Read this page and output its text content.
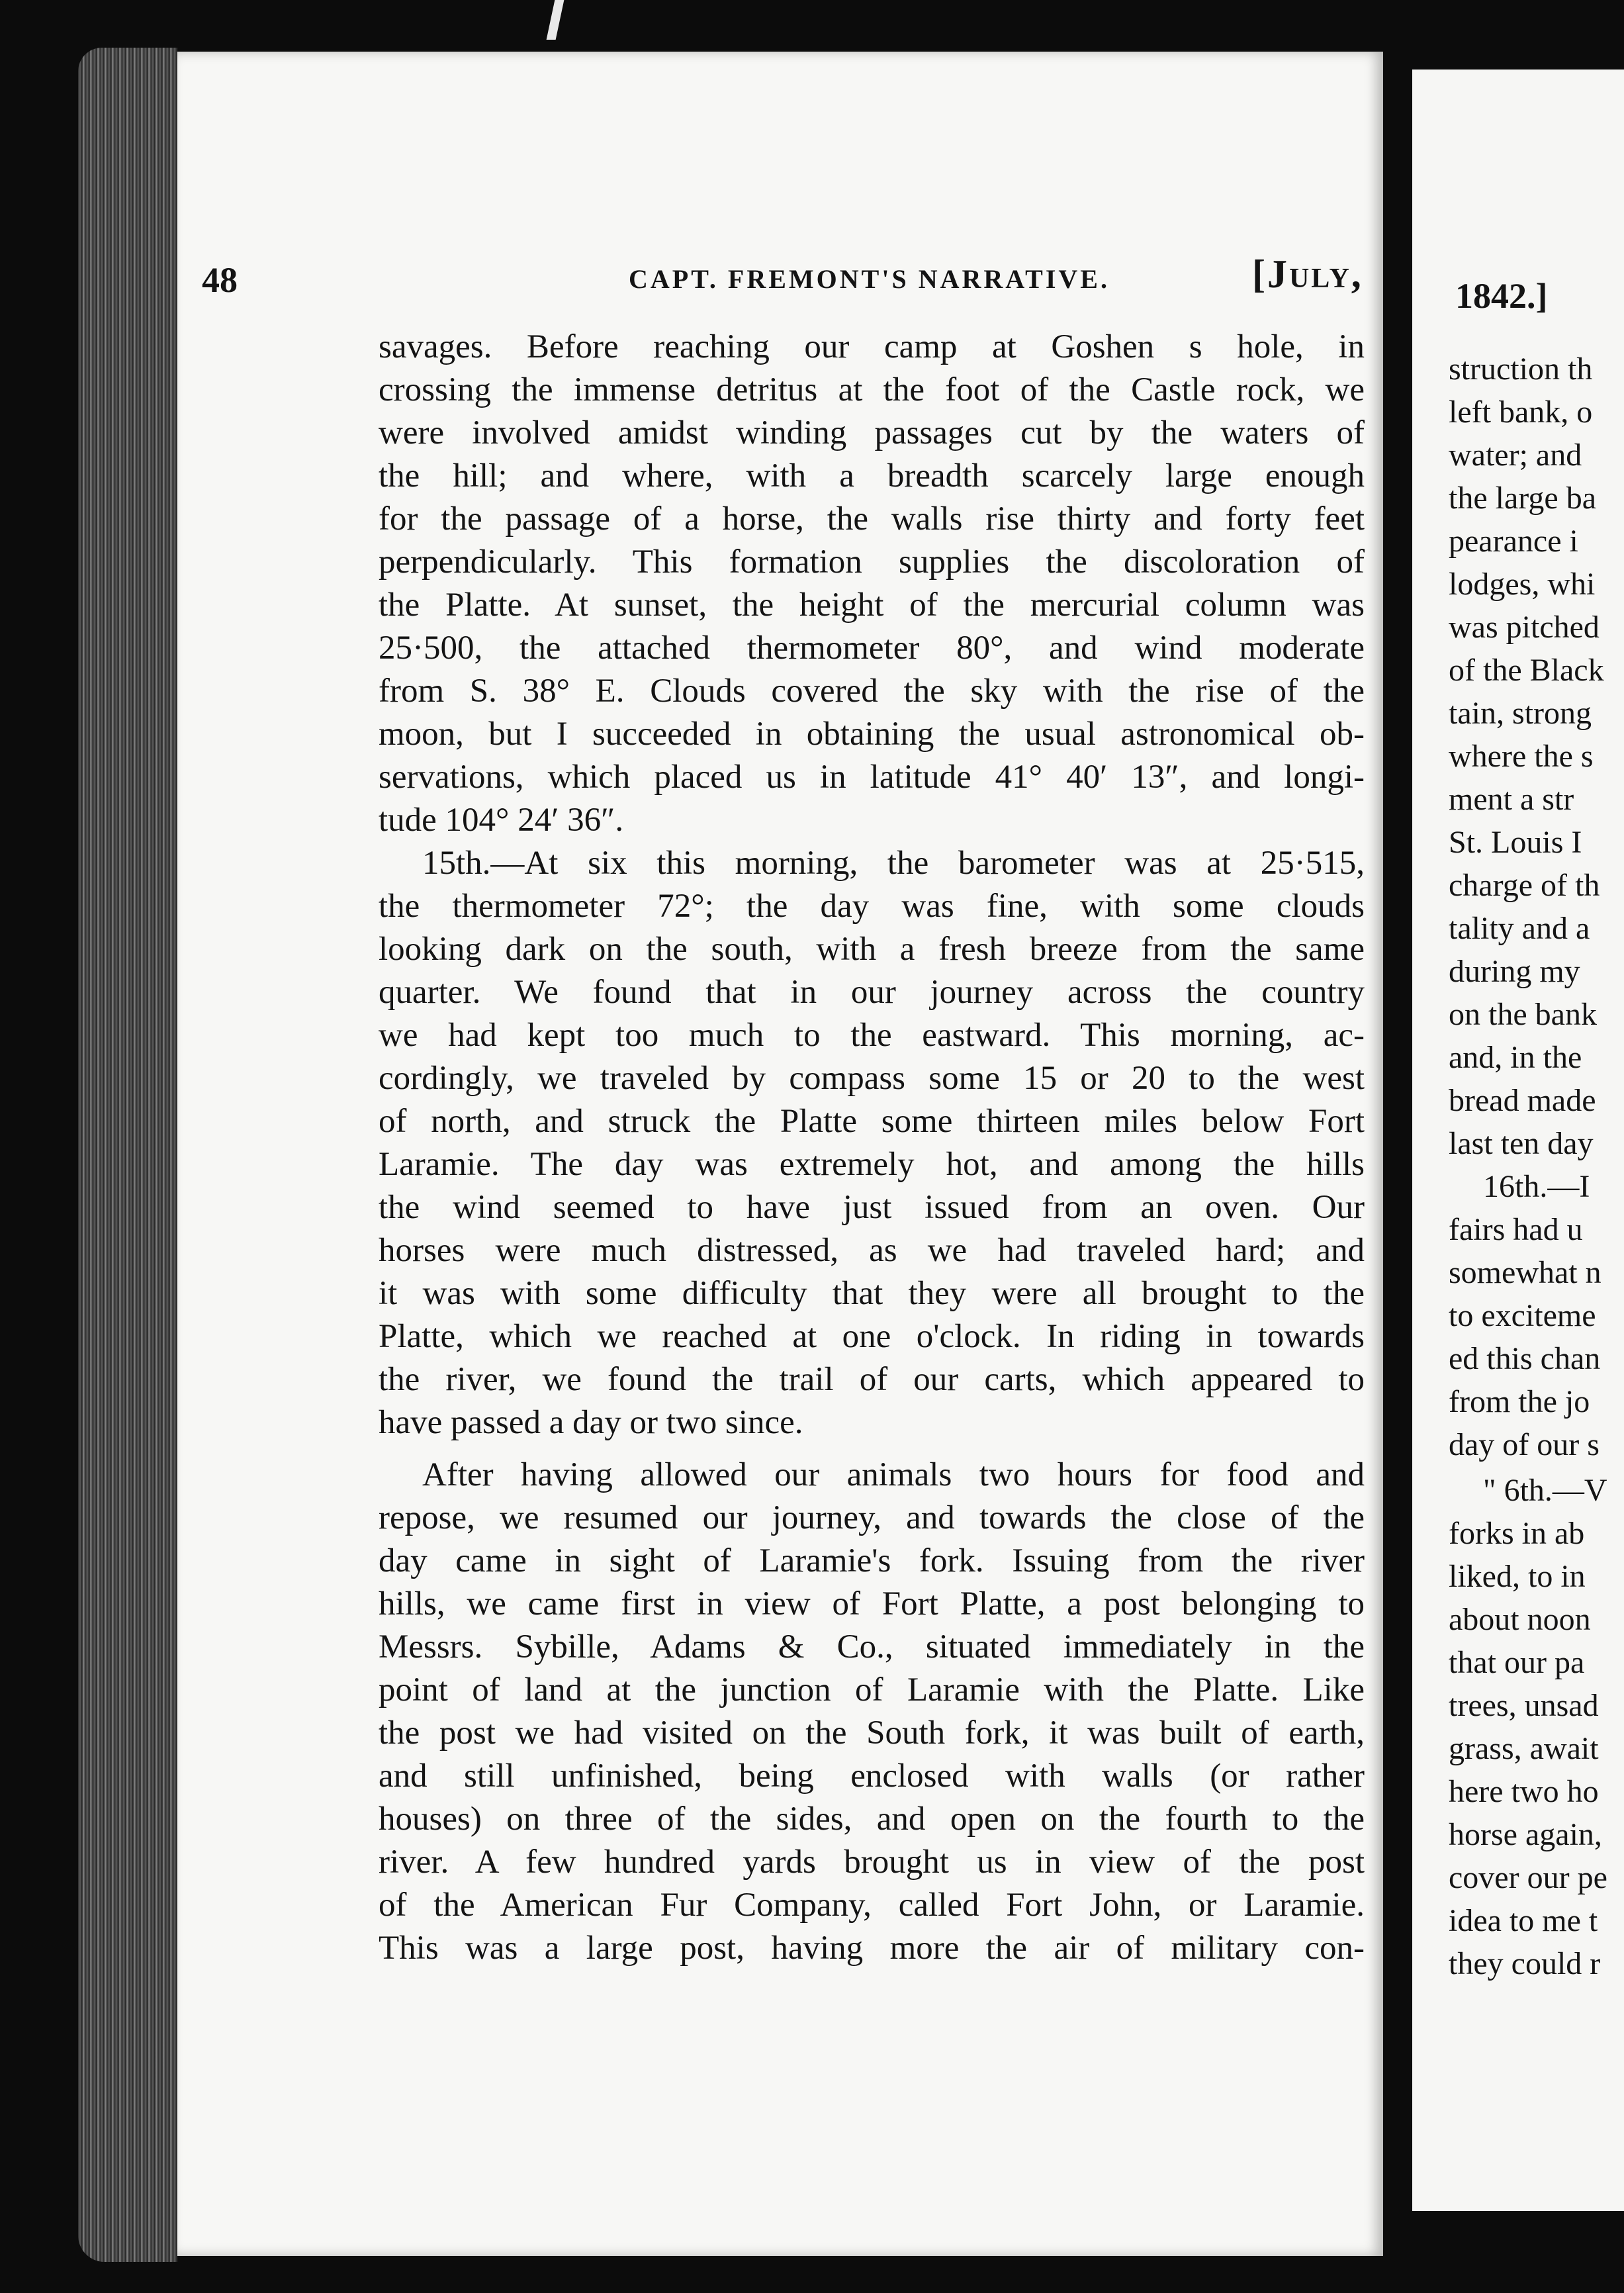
48	CAPT. FREMONT'S NARRATIVE.	[July,
savages. Before reaching our camp at Goshen s hole, in
crossing the immense detritus at the foot of the Castle rock, we
were involved amidst winding passages cut by the waters of
the hill; and where, with a breadth scarcely large enough
for the passage of a horse, the walls rise thirty and forty feet
perpendicularly. This formation supplies the discoloration of
the Platte. At sunset, the height of the mercurial column was
25·500, the attached thermometer 80°, and wind moderate
from S. 38° E. Clouds covered the sky with the rise of the
moon, but I succeeded in obtaining the usual astronomical ob-
servations, which placed us in latitude 41° 40′ 13″, and longi-
tude 104° 24′ 36″.
15th.—At six this morning, the barometer was at 25·515,
the thermometer 72°; the day was fine, with some clouds
looking dark on the south, with a fresh breeze from the same
quarter. We found that in our journey across the country
we had kept too much to the eastward. This morning, ac-
cordingly, we traveled by compass some 15 or 20 to the west
of north, and struck the Platte some thirteen miles below Fort
Laramie. The day was extremely hot, and among the hills
the wind seemed to have just issued from an oven. Our
horses were much distressed, as we had traveled hard; and
it was with some difficulty that they were all brought to the
Platte, which we reached at one o'clock. In riding in towards
the river, we found the trail of our carts, which appeared to
have passed a day or two since.
After having allowed our animals two hours for food and
repose, we resumed our journey, and towards the close of the
day came in sight of Laramie's fork. Issuing from the river
hills, we came first in view of Fort Platte, a post belonging to
Messrs. Sybille, Adams & Co., situated immediately in the
point of land at the junction of Laramie with the Platte. Like
the post we had visited on the South fork, it was built of earth,
and still unfinished, being enclosed with walls (or rather
houses) on three of the sides, and open on the fourth to the
river. A few hundred yards brought us in view of the post
of the American Fur Company, called Fort John, or Laramie.
This was a large post, having more the air of military con-
1842.]
struction th
left bank, o
water; and
the large ba
pearance i
lodges, whi
was pitched
of the Black
tain, strong
where the s
ment a str
St. Louis I
charge of th
tality and a
during my
on the bank
and, in the
bread made
last ten day
16th.—I
fairs had u
somewhat n
to exciteme
ed this chan
from the jo
day of our s
" 6th.—V
forks in ab
liked, to in
about noon
that our pa
trees, unsad
grass, await
here two ho
horse again,
cover our pe
idea to me t
they could r
